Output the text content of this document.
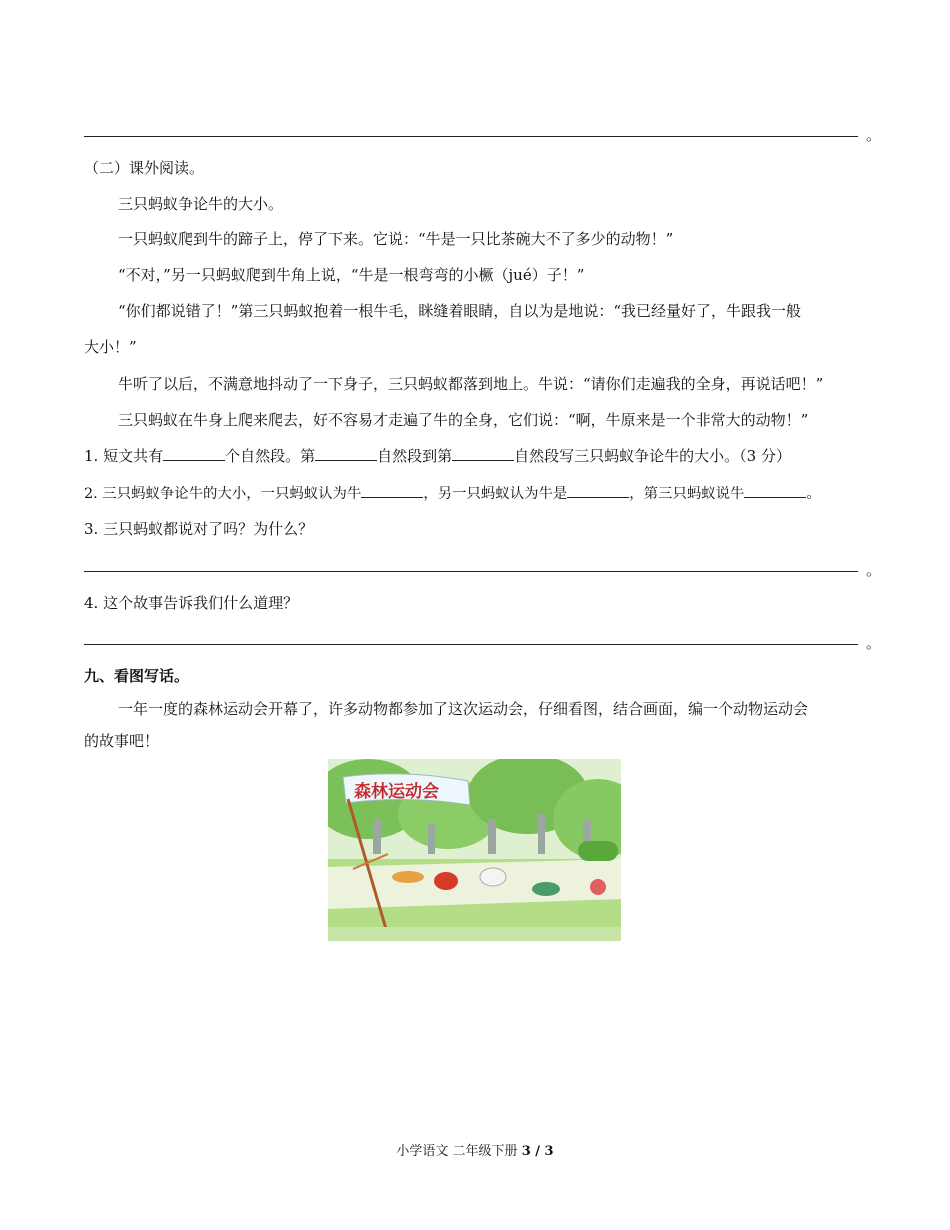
。
（二）课外阅读。
三只蚂蚁争论牛的大小。
一只蚂蚁爬到牛的蹄子上，停了下来。它说：“牛是一只比茶碗大不了多少的动物！”
“不对，”另一只蚂蚁爬到牛角上说，“牛是一根弯弯的小橛（jué）子！”
“你们都说错了！”第三只蚂蚁抱着一根牛毛，眯缝着眼睛，自以为是地说：“我已经量好了，牛跟我一般
大小！”
牛听了以后，不满意地抖动了一下身子，三只蚂蚁都落到地上。牛说：“请你们走遍我的全身，再说话吧！”
三只蚂蚁在牛身上爬来爬去，好不容易才走遍了牛的全身，它们说：“啊，牛原来是一个非常大的动物！”
1. 短文共有	个自然段。第	自然段到第	自然段写三只蚂蚁争论牛的大小。（3 分）
2. 三只蚂蚁争论牛的大小，一只蚂蚁认为牛	，另一只蚂蚁认为牛是	，第三只蚂蚁说牛	。
3. 三只蚂蚁都说对了吗？为什么？
。
4. 这个故事告诉我们什么道理？
。
九、看图写话。
一年一度的森林运动会开幕了，许多动物都参加了这次运动会，仔细看图，结合画面，编一个动物运动会
的故事吧！
森林运动会
小学语文 二年级下册 3 / 3
